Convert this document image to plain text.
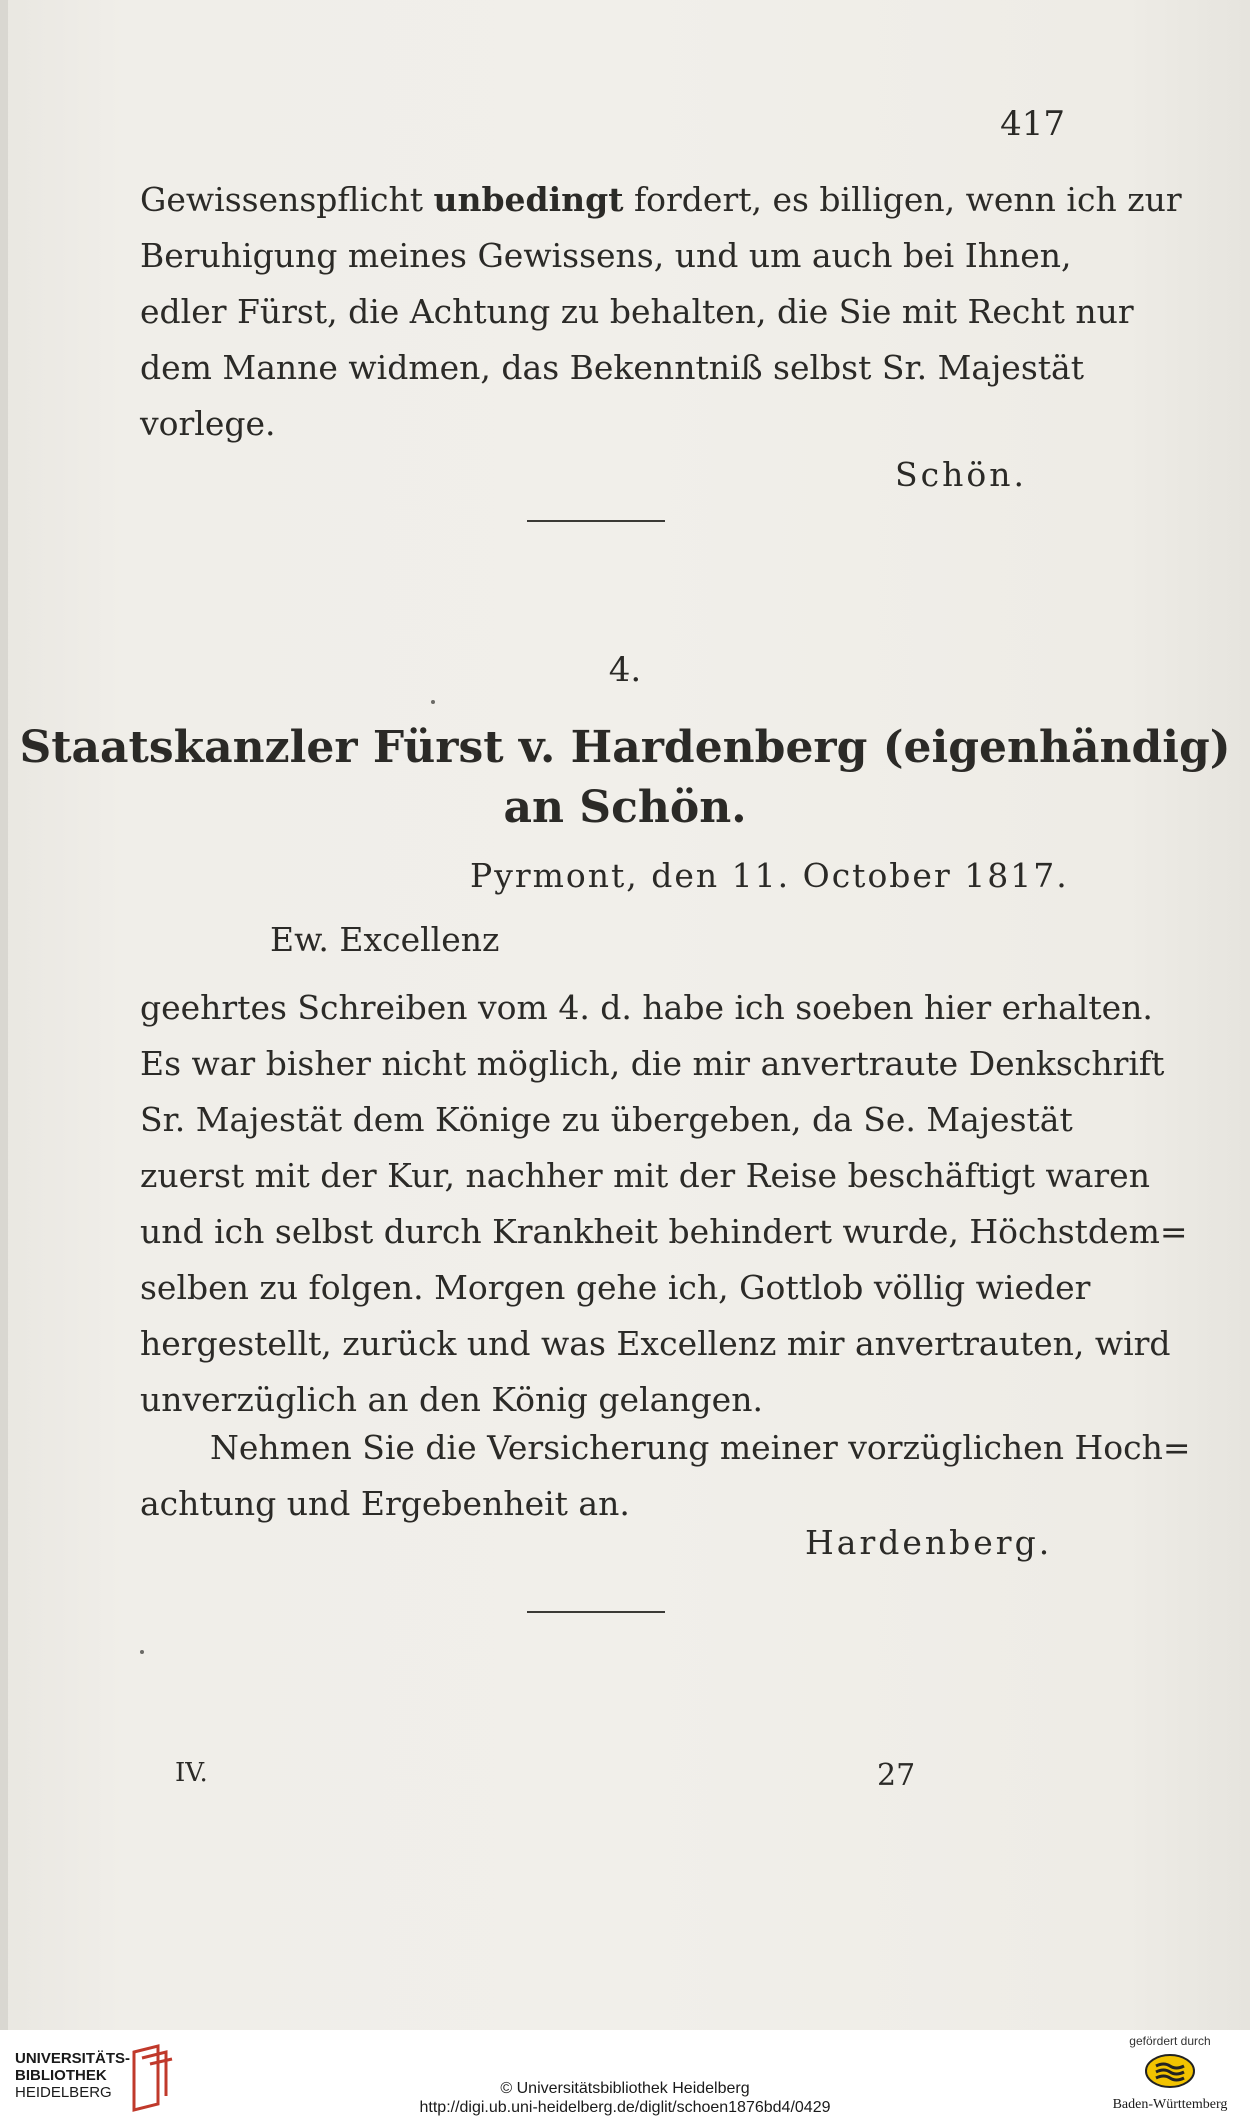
417
Gewissenspflicht unbedingt fordert, es billigen, wenn ich zur
Beruhigung meines Gewissens, und um auch bei Ihnen,
edler Fürst, die Achtung zu behalten, die Sie mit Recht nur
dem Manne widmen, das Bekenntniß selbst Sr. Majestät
vorlege.
Schön.
4.
Staatskanzler Fürst v. Hardenberg (eigenhändig)
an Schön.
Pyrmont, den 11. October 1817.
Ew. Excellenz
geehrtes Schreiben vom 4. d. habe ich soeben hier erhalten.
Es war bisher nicht möglich, die mir anvertraute Denkschrift
Sr. Majestät dem Könige zu übergeben, da Se. Majestät
zuerst mit der Kur, nachher mit der Reise beschäftigt waren
und ich selbst durch Krankheit behindert wurde, Höchstdem=
selben zu folgen. Morgen gehe ich, Gottlob völlig wieder
hergestellt, zurück und was Excellenz mir anvertrauten, wird
unverzüglich an den König gelangen.
Nehmen Sie die Versicherung meiner vorzüglichen Hoch=
achtung und Ergebenheit an.
Hardenberg.
IV.	27
UNIVERSITÄTS-
BIBLIOTHEK
HEIDELBERG	© Universitätsbibliothek Heidelberg
http://digi.ub.uni-heidelberg.de/diglit/schoen1876bd4/0429
gefördert durch
Baden-Württemberg
